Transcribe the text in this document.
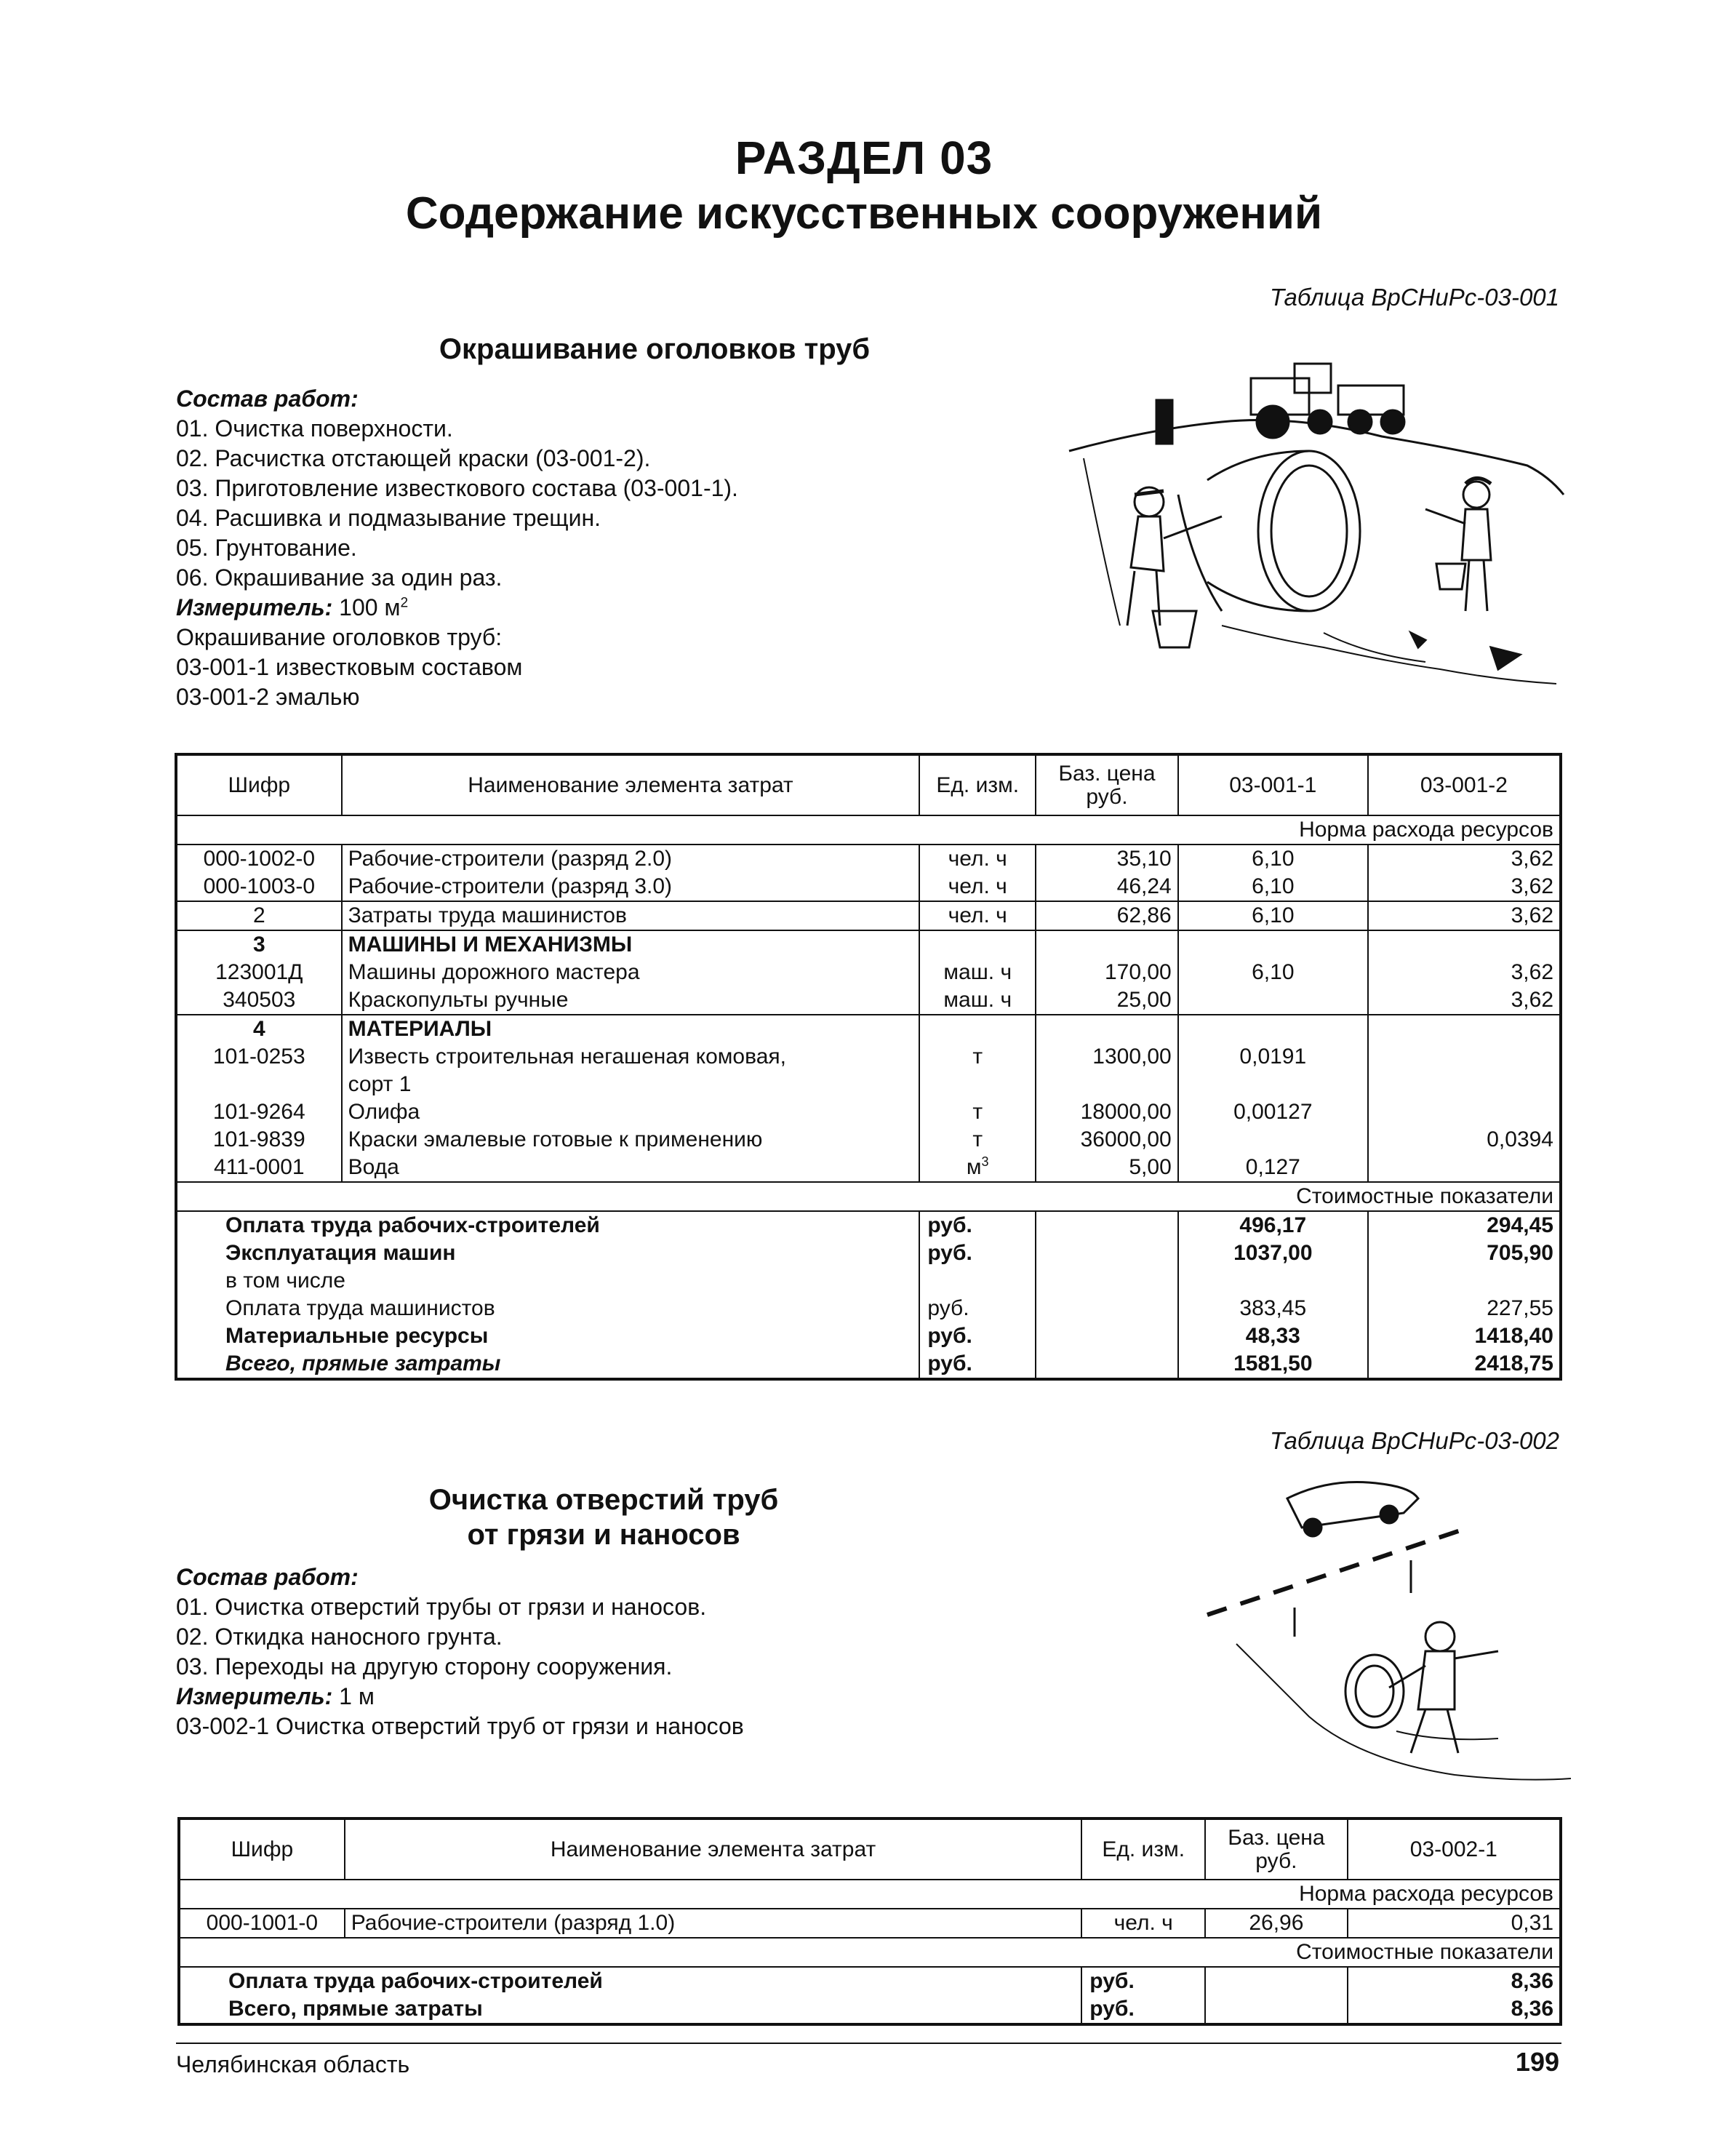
РАЗДЕЛ 03
Содержание искусственных сооружений
Таблица ВрСНиРс-03-001
Окрашивание оголовков труб
Состав работ:
01. Очистка поверхности.
02. Расчистка отстающей краски (03-001-2).
03. Приготовление известкового состава (03-001-1).
04. Расшивка и подмазывание трещин.
05. Грунтование.
06. Окрашивание за один раз.
Измеритель: 100 $м^2$
Окрашивание оголовков труб:
03-001-1 известковым составом
03-001-2 эмалью
Шифр	Наименование элемента затрат	Ед. изм.	Баз. цена руб.	03-001-1	03-001-2
Норма расхода ресурсов					
000-1002-0	Рабочие-строители (разряд 2.0)	чел. ч	35,10	6,10	3,62
000-1003-0	Рабочие-строители (разряд 3.0)	чел. ч	46,24	6,10	3,62
2	Затраты труда машинистов	чел. ч	62,86	6,10	3,62
3	МАШИНЫ И МЕХАНИЗМЫ				
123001Д	Машины дорожного мастера	маш. ч	170,00	6,10	3,62
340503	Краскопульты ручные	маш. ч	25,00		3,62
4	МАТЕРИАЛЫ				
101-0253	Известь строительная негашеная комовая,	т	1300,00	0,0191	
	сорт 1				
101-9264	Олифа	т	18000,00	0,00127	
101-9839	Краски эмалевые готовые к применению	т	36000,00		0,0394
411-0001	Вода	$м^3$	5,00	0,127	
Стоимостные показатели					
Оплата труда рабочих-строителей		руб.		496,17	294,45
Эксплуатация машин		руб.		1037,00	705,90
в том числе					
Оплата труда машинистов		руб.		383,45	227,55
Материальные ресурсы		руб.		48,33	1418,40
Всего, прямые затраты		руб.		1581,50	2418,75
Таблица ВрСНиРс-03-002
Очистка отверстий труб
от грязи и наносов
Состав работ:
01. Очистка отверстий трубы от грязи и наносов.
02. Откидка наносного грунта.
03. Переходы на другую сторону сооружения.
Измеритель: 1 м
03-002-1 Очистка отверстий труб от грязи и наносов
Шифр	Наименование элемента затрат	Ед. изм.	Баз. цена руб.	03-002-1
Норма расхода ресурсов				
000-1001-0	Рабочие-строители (разряд 1.0)	чел. ч	26,96	0,31
Стоимостные показатели				
Оплата труда рабочих-строителей		руб.		8,36
Всего, прямые затраты		руб.		8,36
Челябинская область	199
